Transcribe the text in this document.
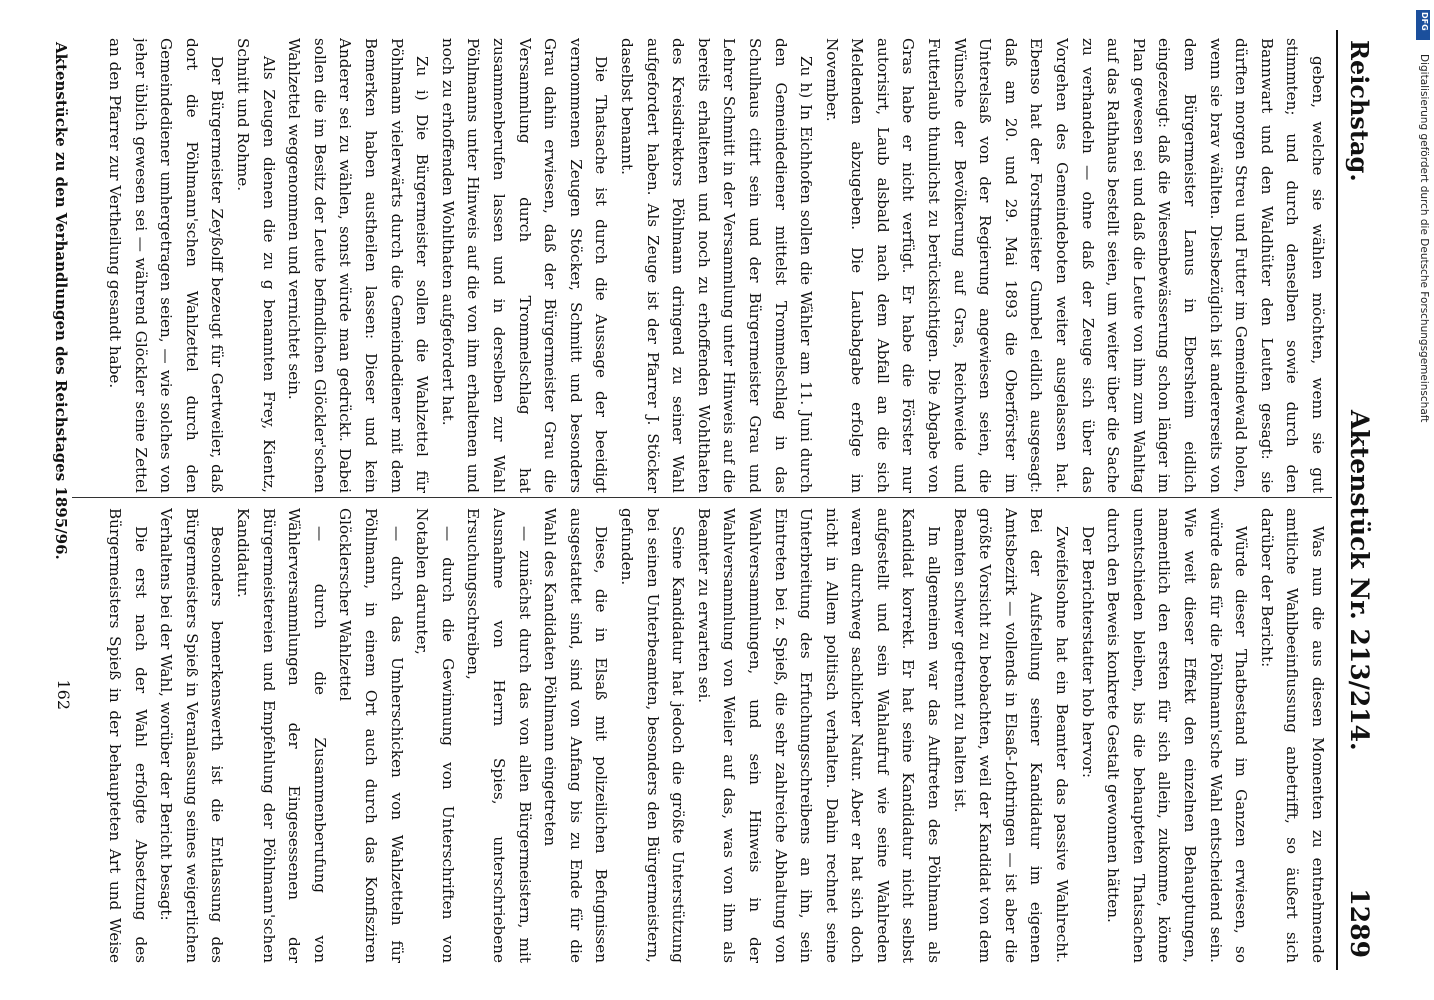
Reichstag.
Aktenstück Nr. 213/214.
1289

geben, welche sie wählen möchten, wenn sie gut stimmten; und durch denselben sowie durch den Bannwart und den Waldhüter den Leuten gesagt: sie dürften morgen Streu und Futter im Gemeindewald holen, wenn sie brav wählten. Diesbezüglich ist andererseits von dem Bürgermeister Lanus in Ebersheim eidlich eingezeugt: daß die Wiesenbewässerung schon länger im Plan gewesen sei und daß die Leute von ihm zum Wahltag auf das Rathhaus bestellt seien, um weiter über die Sache zu verhandeln — ohne daß der Zeuge sich über das Vorgehen des Gemeindeboten weiter ausgelassen hat. Ebenso hat der Forstmeister Gumbel eidlich ausgesagt: daß am 20. und 29. Mai 1893 die Oberförster im Unterelsaß von der Regierung angewiesen seien, die Wünsche der Bevölkerung auf Gras, Reichweide und Futterlaub thunlichst zu berücksichtigen. Die Abgabe von Gras habe er nicht verfügt. Er habe die Förster nur autorisirt, Laub alsbald nach dem Abfall an die sich Meldenden abzugeben. Die Laubabgabe erfolge im November.

Zu h) In Eichhofen sollen die Wähler am 11. Juni durch den Gemeindediener mittelst Trommelschlag in das Schulhaus citirt sein und der Bürgermeister Grau und Lehrer Schmitt in der Versammlung unter Hinweis auf die bereits erhaltenen und noch zu erhoffenden Wohlthaten des Kreisdirektors Pöhlmann dringend zu seiner Wahl aufgefordert haben. Als Zeuge ist der Pfarrer J. Stöcker daselbst benannt.

Die Thatsache ist durch die Aussage der beeidigt vernommenen Zeugen Stöcker, Schmitt und besonders Grau dahin erwiesen, daß der Bürgermeister Grau die Versammlung durch Trommelschlag hat zusammenberufen lassen und in derselben zur Wahl Pöhlmanns unter Hinweis auf die von ihm erhaltenen und noch zu erhoffenden Wohlthaten aufgefordert hat.

Zu i) Die Bürgermeister sollen die Wahlzettel für Pöhlmann vielerwärts durch die Gemeindediener mit dem Bemerken haben austheilen lassen: Dieser und kein Anderer sei zu wählen, sonst würde man gedrückt. Dabei sollen die im Besitz der Leute befindlichen Glöckler'schen Wahlzettel weggenommen und vernichtet sein.

Als Zeugen dienen die zu g benannten Frey, Kientz, Schnitt und Rohme.

Der Bürgermeister Zeyßolff bezeugt für Gertweiler, daß dort die Pöhlmann'schen Wahlzettel durch den Gemeindediener umhergetragen seien, — wie solches von jeher üblich gewesen sei — während Glöckler seine Zettel an den Pfarrer zur Vertheilung gesandt habe.

Was nun die aus diesen Momenten zu entnehmende amtliche Wahlbeeinflussung anbetrifft, so äußert sich darüber der Bericht:

Würde dieser Thatbestand im Ganzen erwiesen, so würde das für die Pöhlmann'sche Wahl entscheidend sein. Wie weit dieser Effekt den einzelnen Behauptungen, namentlich den ersten für sich allein, zukomme, könne unentschieden bleiben, bis die behaupteten Thatsachen durch den Beweis konkrete Gestalt gewonnen hätten.

Der Berichterstatter hob hervor:

Zweifelsohne hat ein Beamter das passive Wahlrecht. Bei der Aufstellung seiner Kandidatur im eigenen Amtsbezirk — vollends in Elsaß-Lothringen — ist aber die größte Vorsicht zu beobachten, weil der Kandidat von dem Beamten schwer getrennt zu halten ist.

Im allgemeinen war das Auftreten des Pöhlmann als Kandidat korrekt. Er hat seine Kandidatur nicht selbst aufgestellt und sein Wahlaufruf wie seine Wahlreden waren durchweg sachlicher Natur. Aber er hat sich doch nicht in Allem politisch verhalten. Dahin rechnet seine Unterbreitung des Erfuchungsschreibens an ihn, sein Eintreten bei z. Spieß, die sehr zahlreiche Abhaltung von Wahlversammlungen, und sein Hinweis in der Wahlversammlung von Weiler auf das, was von ihm als Beamter zu erwarten sei.

Seine Kandidatur hat jedoch die größte Unterstützung bei seinen Unterbeamten, besonders den Bürgermeistern, gefunden.

Diese, die in Elsaß mit polizeilichen Befugnissen ausgestattet sind, sind von Anfang bis zu Ende für die Wahl des Kandidaten Pöhlmann eingetreten

— zunächst durch das von allen Bürgermeistern, mit Ausnahme von Herrn Spies, unterschriebene Ersuchungsschreiben,

— durch die Gewinnung von Unterschriften von Notablen darunter,

— durch das Umherschicken von Wahlzetteln für Pöhlmann, in einem Ort auch durch das Konfisziren Glöcklerscher Wahlzettel

— durch die Zusammenberufung von Wählerversammlungen der Eingesessenen der Bürgermeistereien und Empfehlung der Pöhlmann'schen Kandidatur.

Besonders bemerkenswerth ist die Entlassung des Bürgermeisters Spieß in Veranlassung seines weigerlichen Verhaltens bei der Wahl, worüber der Bericht besagt:

Die erst nach der Wahl erfolgte Absetzung des Bürgermeisters Spieß in der behaupteten Art und Weise

Aktenstücke zu den Verhandlungen des Reichstages 1895/96.
162
DFG
Digitalisierung gefördert durch die Deutsche Forschungsgemeinschaft
